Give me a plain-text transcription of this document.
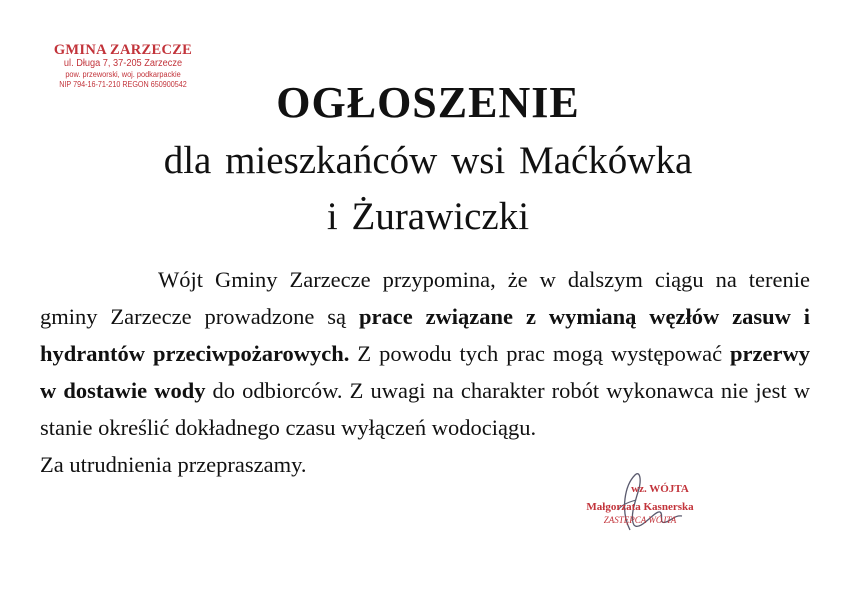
GMINA ZARZECZE
ul. Długa 7, 37-205 Zarzecze
pow. przeworski, woj. podkarpackie
NIP 794-16-71-210 REGON 650900542	OGŁOSZENIE
dla mieszkańców wsi Maćkówka
i Żurawiczki

Wójt Gminy Zarzecze przypomina, że w dalszym ciągu na terenie gminy Zarzecze prowadzone są prace związane z wymianą węzłów zasuw i hydrantów przeciwpożarowych. Z powodu tych prac mogą występować przerwy w dostawie wody do odbiorców. Z uwagi na charakter robót wykonawca nie jest w stanie określić dokładnego czasu wyłączeń wodociągu.

Za utrudnienia przepraszamy.

wz. WÓJTA
Małgorzata Kasnerska
ZASTĘPCA WÓJTA
